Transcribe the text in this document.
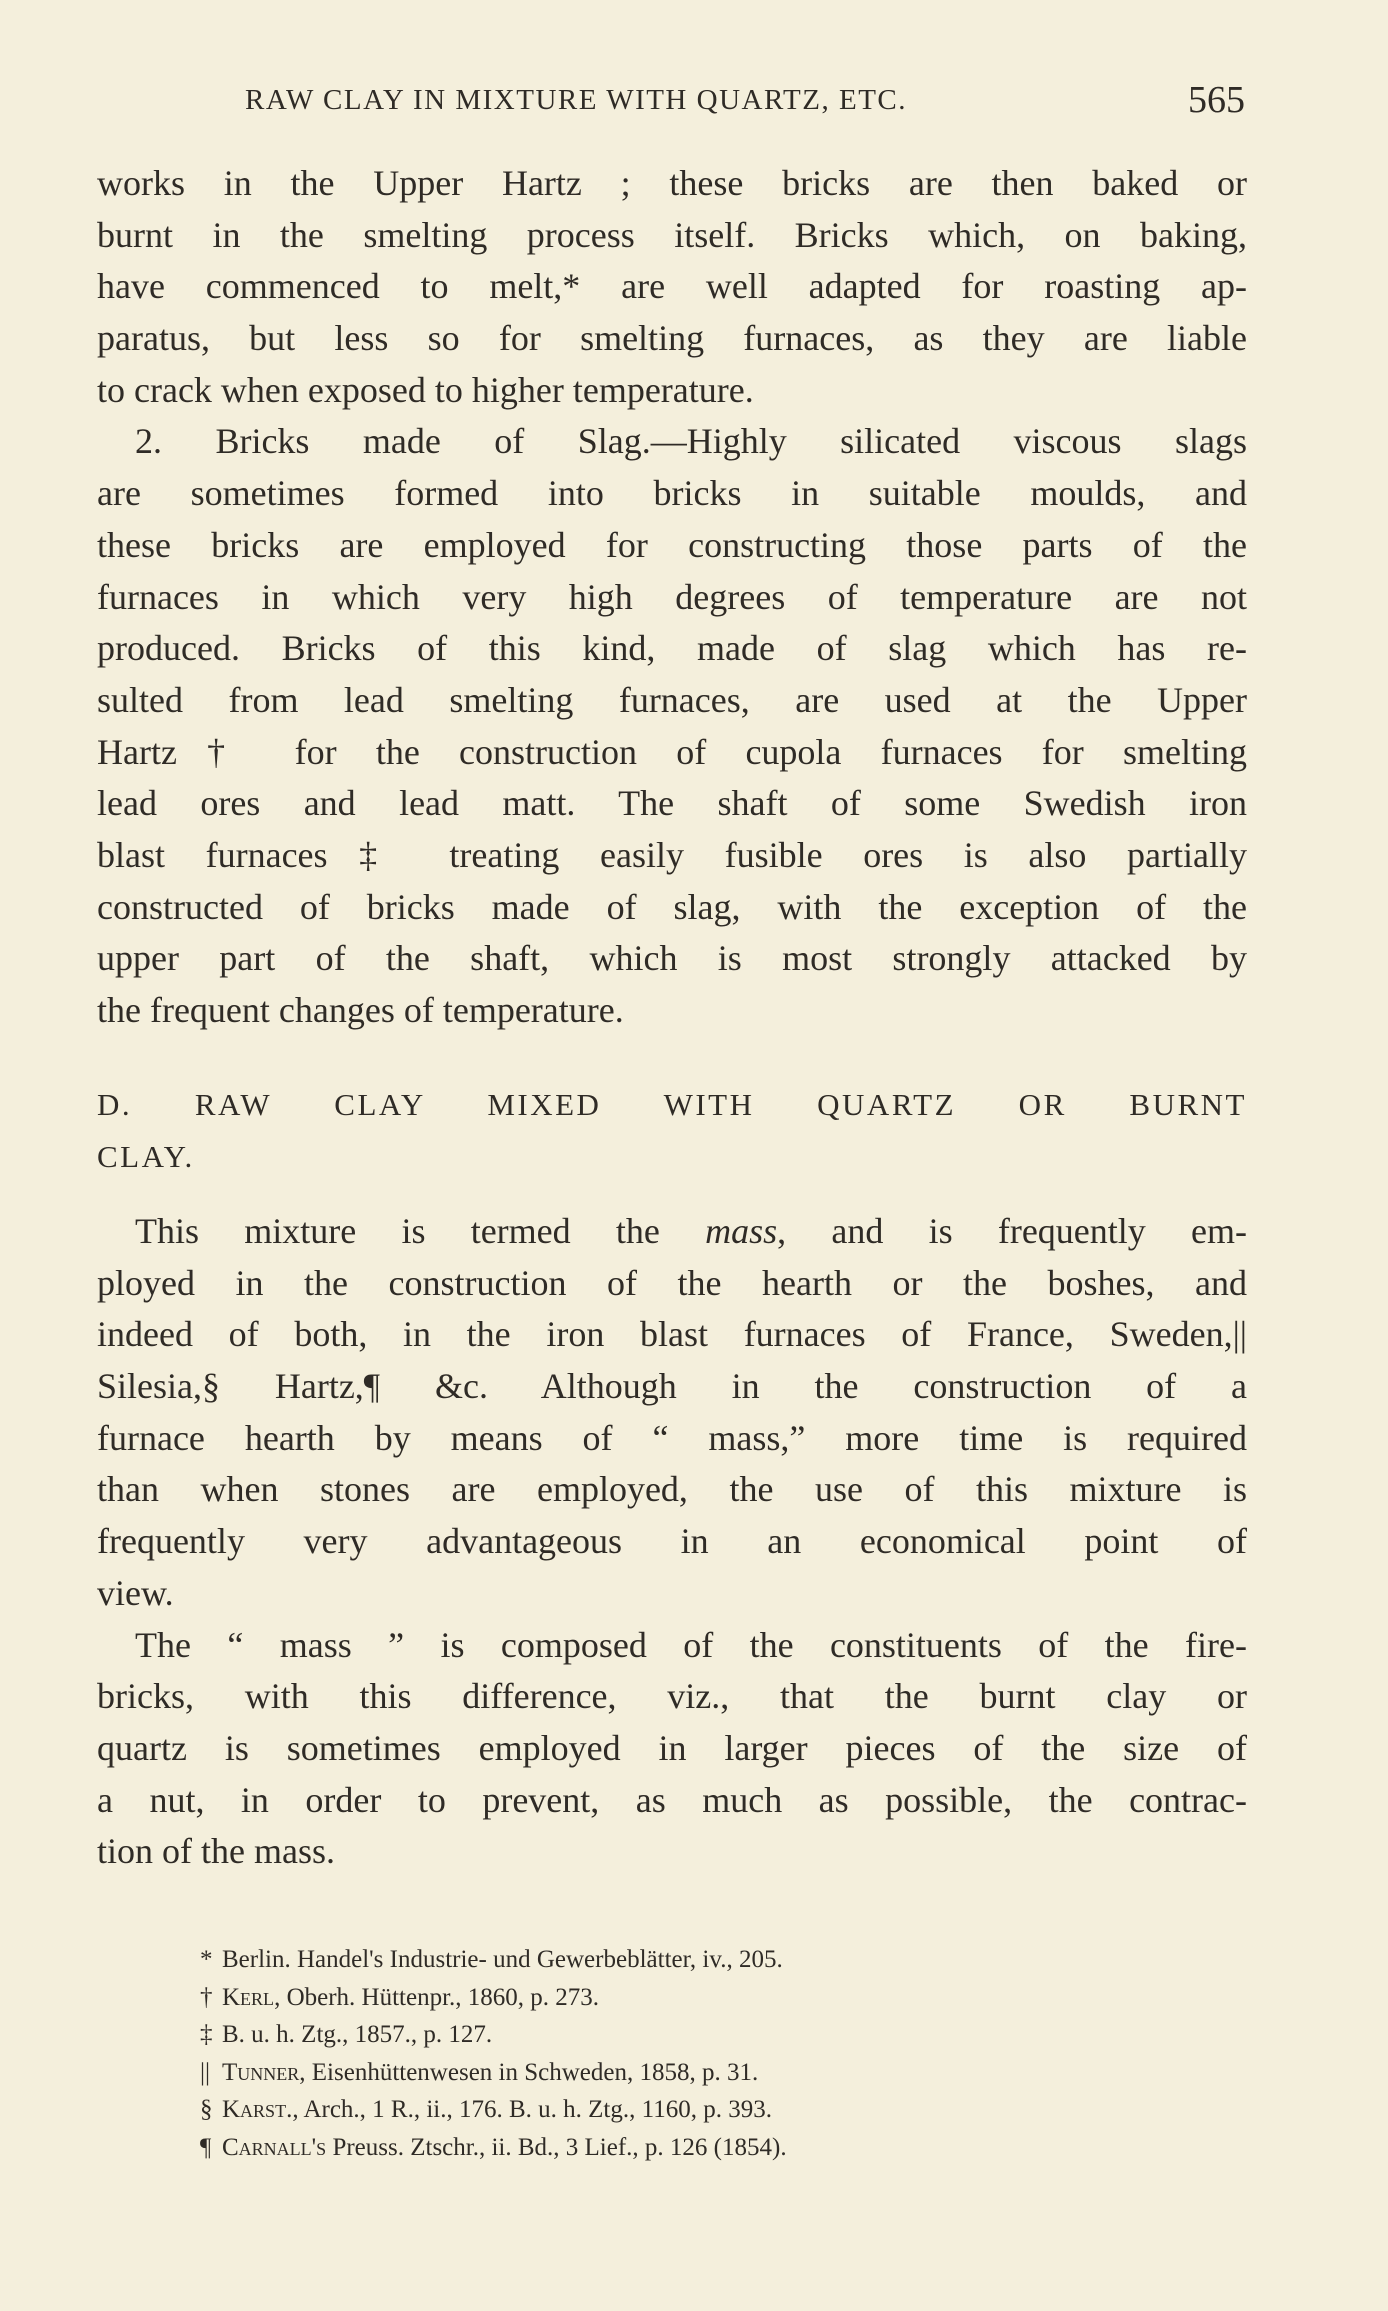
RAW CLAY IN MIXTURE WITH QUARTZ, ETC.	565
works in the Upper Hartz ; these bricks are then baked or
burnt in the smelting process itself. Bricks which, on baking,
have commenced to melt,* are well adapted for roasting ap-
paratus, but less so for smelting furnaces, as they are liable
to crack when exposed to higher temperature.
2. Bricks made of Slag.—Highly silicated viscous slags
are sometimes formed into bricks in suitable moulds, and
these bricks are employed for constructing those parts of the
furnaces in which very high degrees of temperature are not
produced. Bricks of this kind, made of slag which has re-
sulted from lead smelting furnaces, are used at the Upper
Hartz† for the construction of cupola furnaces for smelting
lead ores and lead matt. The shaft of some Swedish iron
blast furnaces‡ treating easily fusible ores is also partially
constructed of bricks made of slag, with the exception of the
upper part of the shaft, which is most strongly attacked by
the frequent changes of temperature.
D. RAW CLAY MIXED WITH QUARTZ OR BURNT
CLAY.
This mixture is termed the mass, and is frequently em-
ployed in the construction of the hearth or the boshes, and
indeed of both, in the iron blast furnaces of France, Sweden,||
Silesia,§ Hartz,¶ &c. Although in the construction of a
furnace hearth by means of “ mass,” more time is required
than when stones are employed, the use of this mixture is
frequently very advantageous in an economical point of
view.
The “ mass ” is composed of the constituents of the fire-
bricks, with this difference, viz., that the burnt clay or
quartz is sometimes employed in larger pieces of the size of
a nut, in order to prevent, as much as possible, the contrac-
tion of the mass.
* Berlin. Handel's Industrie- und Gewerbeblätter, iv., 205.
† Kerl, Oberh. Hüttenpr., 1860, p. 273.
‡ B. u. h. Ztg., 1857., p. 127.
|| Tunner, Eisenhüttenwesen in Schweden, 1858, p. 31.
§ Karst., Arch., 1 R., ii., 176. B. u. h. Ztg., 1160, p. 393.
¶ Carnall's Preuss. Ztschr., ii. Bd., 3 Lief., p. 126 (1854).
